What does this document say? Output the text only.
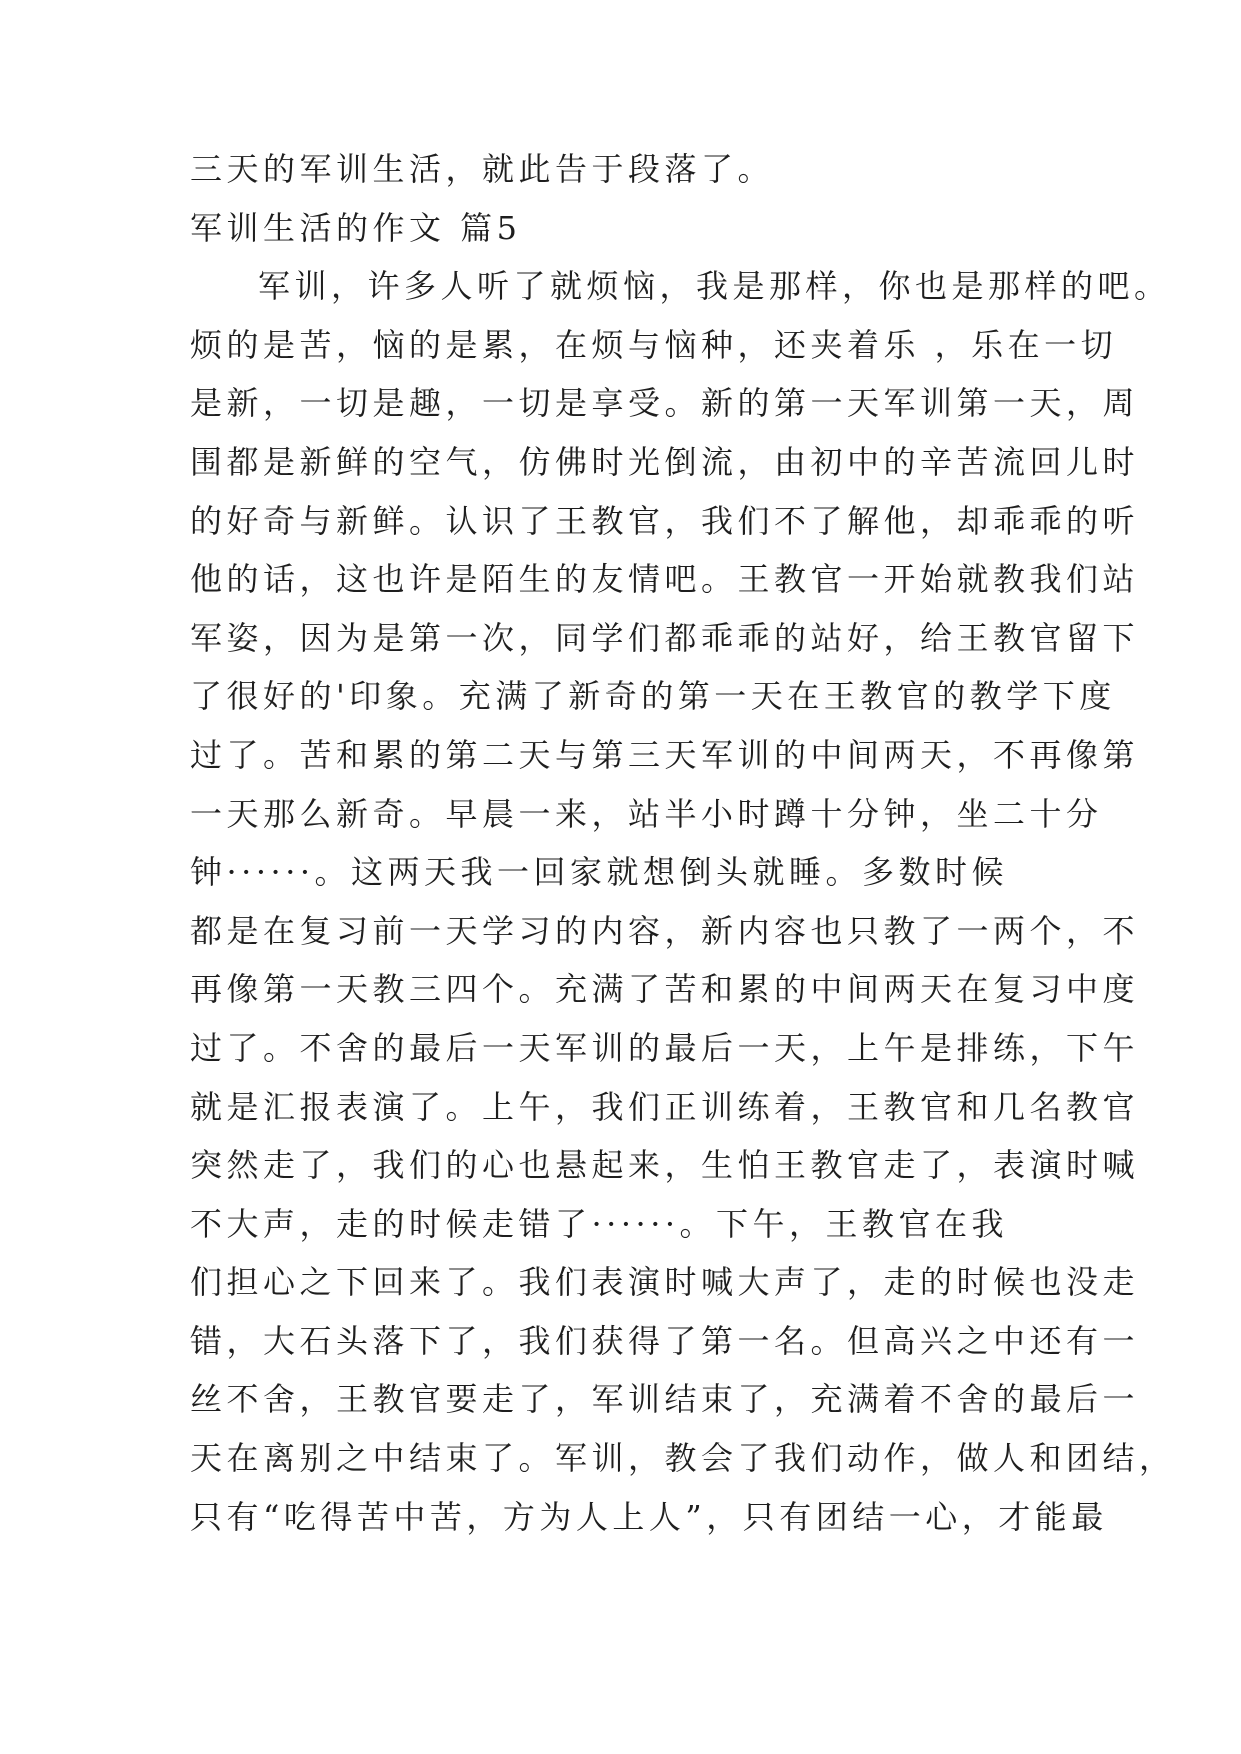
三天的军训生活，就此告于段落了。
军训生活的作文 篇5
军训，许多人听了就烦恼，我是那样，你也是那样的吧。
烦的是苦，恼的是累，在烦与恼种，还夹着乐 ，乐在一切
是新，一切是趣，一切是享受。新的第一天军训第一天，周
围都是新鲜的空气，仿佛时光倒流，由初中的辛苦流回儿时
的好奇与新鲜。认识了王教官，我们不了解他，却乖乖的听
他的话，这也许是陌生的友情吧。王教官一开始就教我们站
军姿，因为是第一次，同学们都乖乖的站好，给王教官留下
了很好的'印象。充满了新奇的第一天在王教官的教学下度
过了。苦和累的第二天与第三天军训的中间两天，不再像第
一天那么新奇。早晨一来，站半小时蹲十分钟，坐二十分
钟······。这两天我一回家就想倒头就睡。多数时候
都是在复习前一天学习的内容，新内容也只教了一两个，不
再像第一天教三四个。充满了苦和累的中间两天在复习中度
过了。不舍的最后一天军训的最后一天，上午是排练，下午
就是汇报表演了。上午，我们正训练着，王教官和几名教官
突然走了，我们的心也悬起来，生怕王教官走了，表演时喊
不大声，走的时候走错了······。下午，王教官在我
们担心之下回来了。我们表演时喊大声了，走的时候也没走
错，大石头落下了，我们获得了第一名。但高兴之中还有一
丝不舍，王教官要走了，军训结束了，充满着不舍的最后一
天在离别之中结束了。军训，教会了我们动作，做人和团结，
只有“吃得苦中苦，方为人上人”，只有团结一心，才能最
